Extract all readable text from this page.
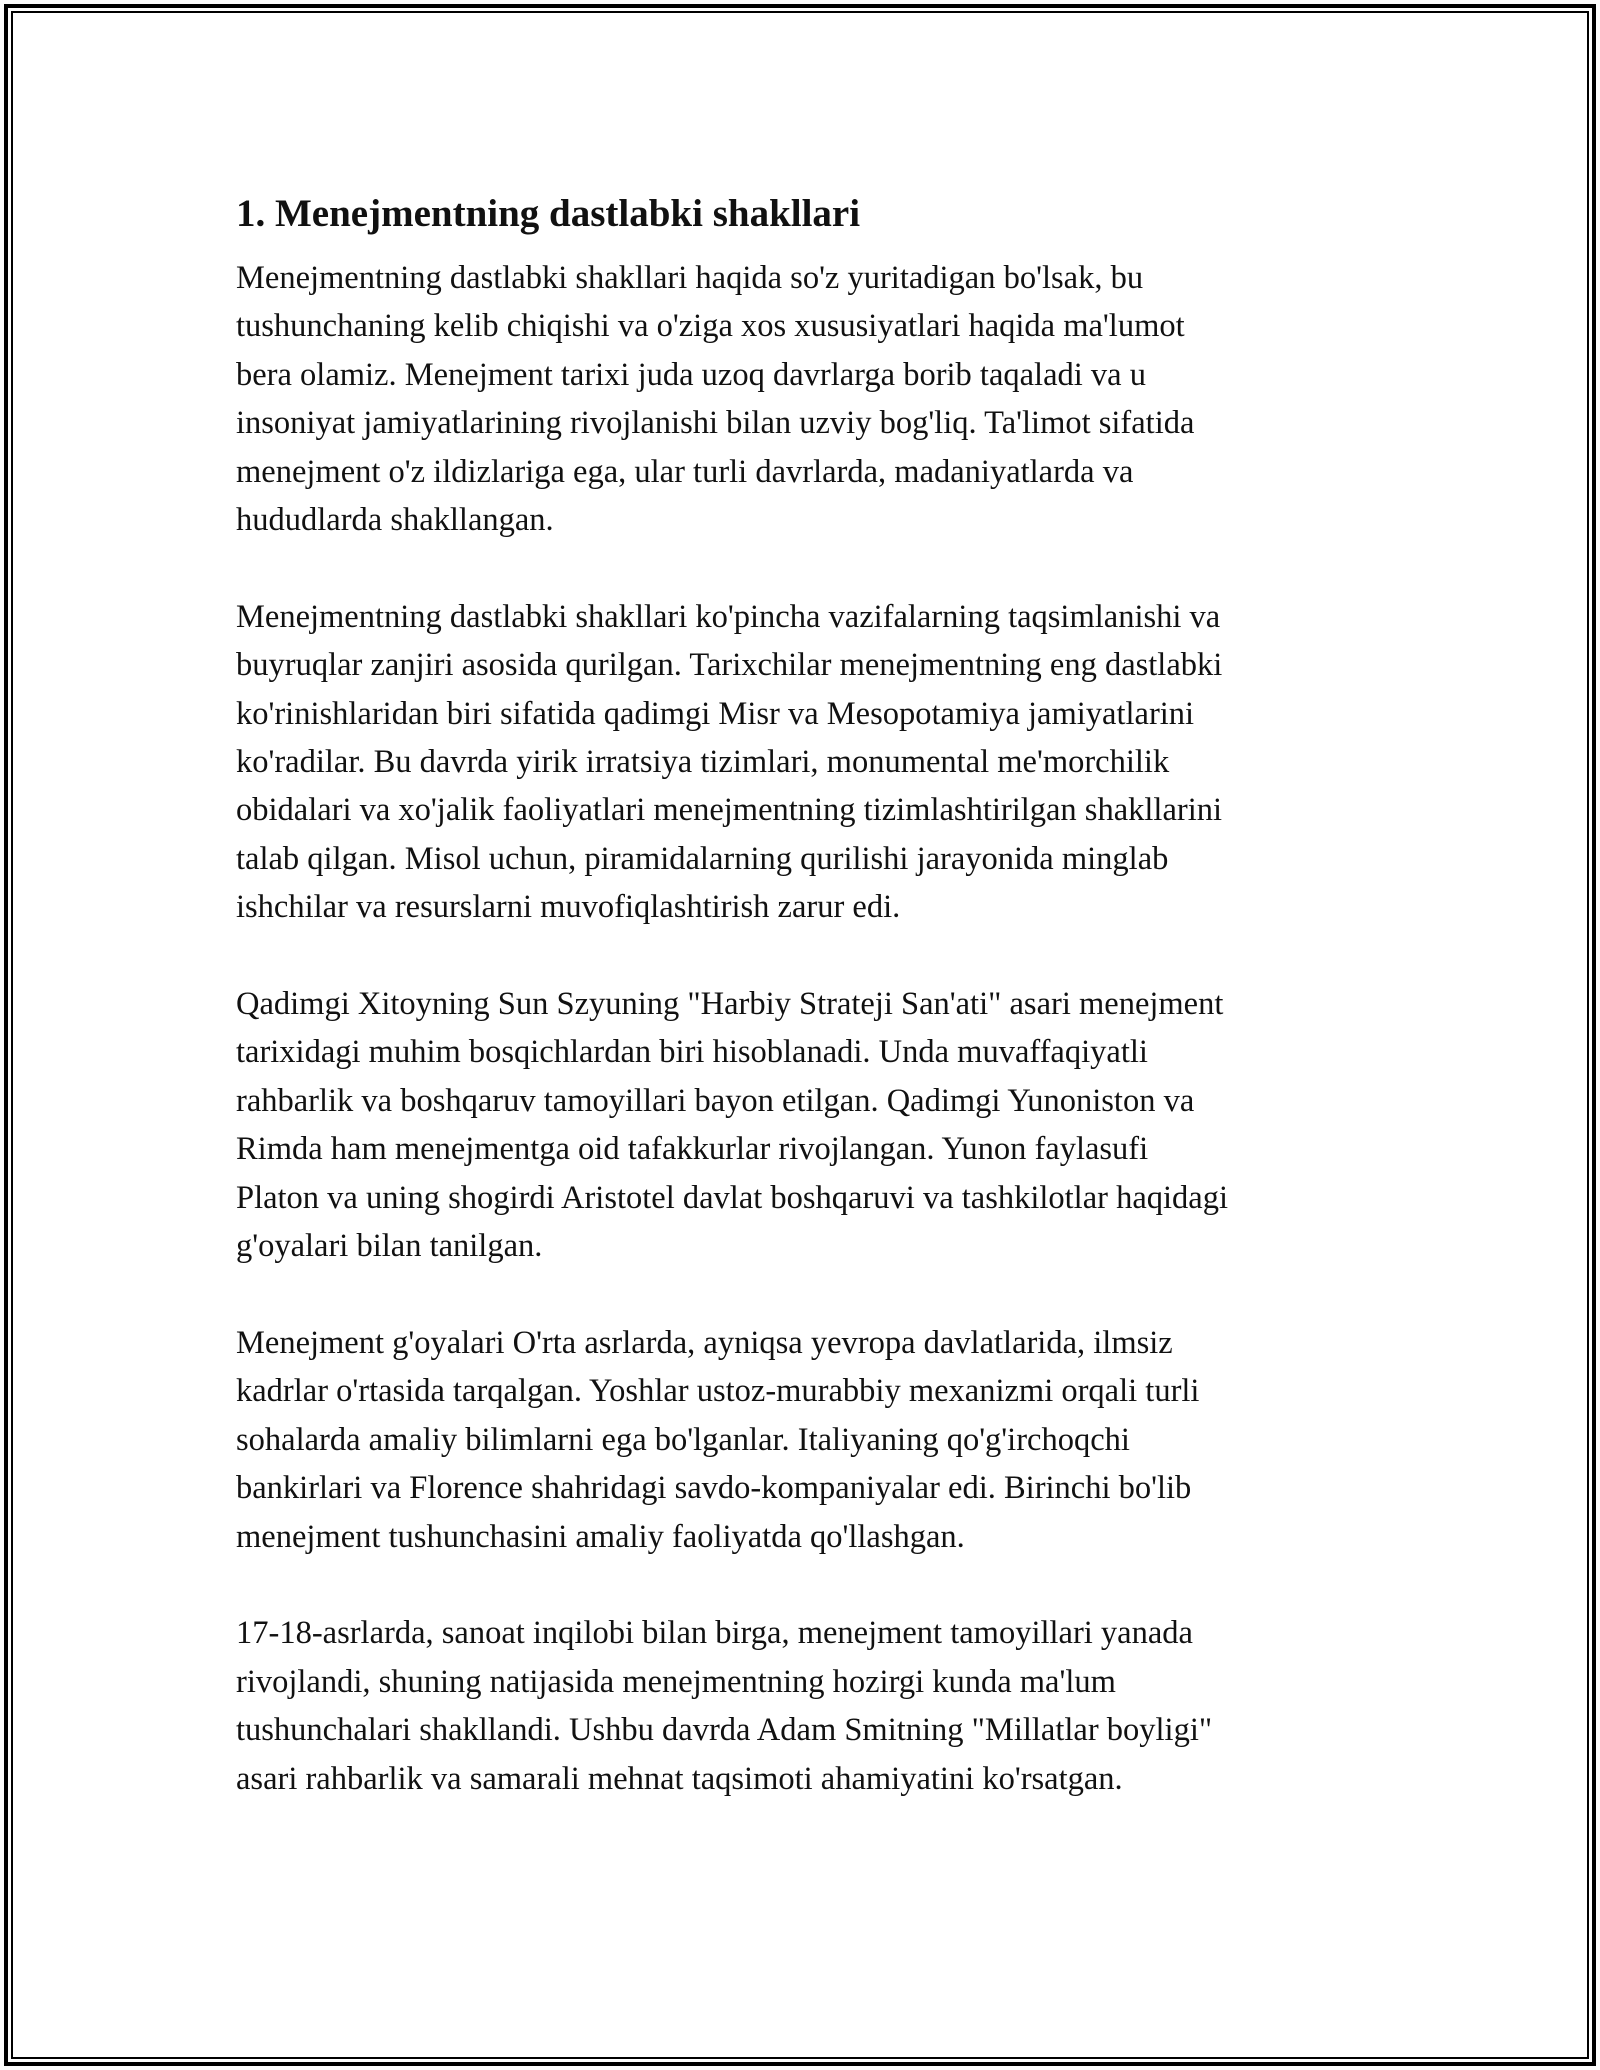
1. Menejmentning dastlabki shakllari

Menejmentning dastlabki shakllari haqida so'z yuritadigan bo'lsak, bu
tushunchaning kelib chiqishi va o'ziga xos xususiyatlari haqida ma'lumot
bera olamiz. Menejment tarixi juda uzoq davrlarga borib taqaladi va u
insoniyat jamiyatlarining rivojlanishi bilan uzviy bog'liq. Ta'limot sifatida
menejment o'z ildizlariga ega, ular turli davrlarda, madaniyatlarda va
hududlarda shakllangan.

Menejmentning dastlabki shakllari ko'pincha vazifalarning taqsimlanishi va
buyruqlar zanjiri asosida qurilgan. Tarixchilar menejmentning eng dastlabki
ko'rinishlaridan biri sifatida qadimgi Misr va Mesopotamiya jamiyatlarini
ko'radilar. Bu davrda yirik irratsiya tizimlari, monumental me'morchilik
obidalari va xo'jalik faoliyatlari menejmentning tizimlashtirilgan shakllarini
talab qilgan. Misol uchun, piramidalarning qurilishi jarayonida minglab
ishchilar va resurslarni muvofiqlashtirish zarur edi.

Qadimgi Xitoyning Sun Szyuning "Harbiy Strateji San'ati" asari menejment
tarixidagi muhim bosqichlardan biri hisoblanadi. Unda muvaffaqiyatli
rahbarlik va boshqaruv tamoyillari bayon etilgan. Qadimgi Yunoniston va
Rimda ham menejmentga oid tafakkurlar rivojlangan. Yunon faylasufi
Platon va uning shogirdi Aristotel davlat boshqaruvi va tashkilotlar haqidagi
g'oyalari bilan tanilgan.

Menejment g'oyalari O'rta asrlarda, ayniqsa yevropa davlatlarida, ilmsiz
kadrlar o'rtasida tarqalgan. Yoshlar ustoz-murabbiy mexanizmi orqali turli
sohalarda amaliy bilimlarni ega bo'lganlar. Italiyaning qo'g'irchoqchi
bankirlari va Florence shahridagi savdo-kompaniyalar edi. Birinchi bo'lib
menejment tushunchasini amaliy faoliyatda qo'llashgan.

17-18-asrlarda, sanoat inqilobi bilan birga, menejment tamoyillari yanada
rivojlandi, shuning natijasida menejmentning hozirgi kunda ma'lum
tushunchalari shakllandi. Ushbu davrda Adam Smitning "Millatlar boyligi"
asari rahbarlik va samarali mehnat taqsimoti ahamiyatini ko'rsatgan.
